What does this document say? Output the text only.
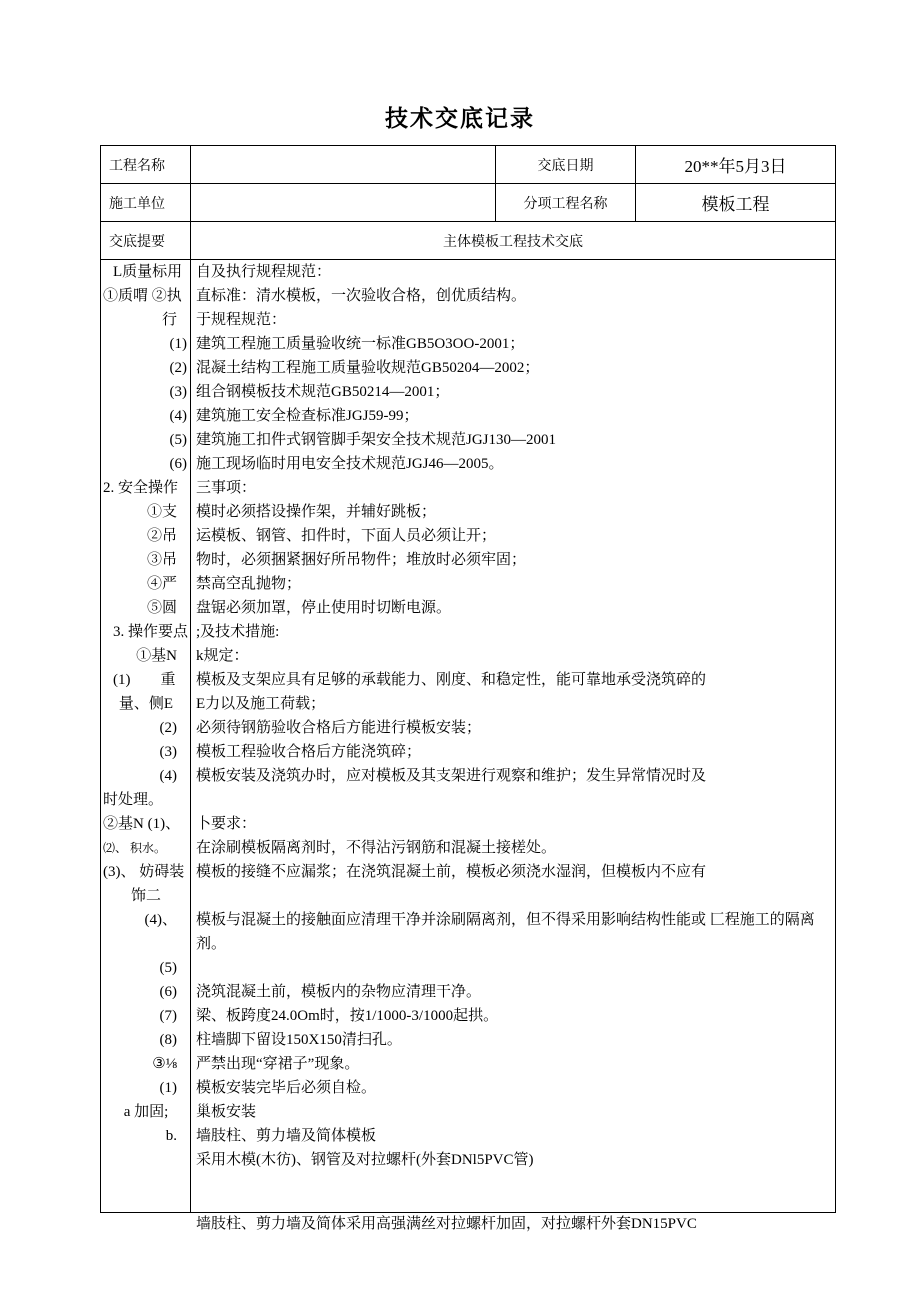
技术交底记录
工程名称	交底日期	20**年5月3日
施工单位	分项工程名称	模板工程
交底提要	主体模板工程技术交底
L质量标用 自及执行规程规范：
①质喟 ②执 直标准：清水模板，一次验收合格，创优质结构。
行	于规程规范：
(1) 建筑工程施工质量验收统一标准GB5O3OO-2001；
(2) 混凝土结构工程施工质量验收规范GB50204—2002；
(3) 组合钢模板技术规范GB50214—2001；
(4) 建筑施工安全检查标准JGJ59-99；
(5) 建筑施工扣件式钢管脚手架安全技术规范JGJ130—2001
(6) 施工现场临时用电安全技术规范JGJ46—2005。
2. 安全操作	三事项：
①支	模时必须搭设操作架，并辅好跳板；
②吊	运模板、钢管、扣件时，下面人员必须让开；
③吊	物时，必须捆紧捆好所吊物件；堆放时必须牢固；
④严	禁高空乱抛物；
⑤圆	盘锯必须加罩，停止使用时切断电源。
3. 操作要点 ;及技术措施:
①基N	k规定：
(1)　　重	模板及支架应具有足够的承载能力、刚度、和稳定性，能可靠地承受浇筑碎的
量、侧E	E力以及施工荷载；
(2)	必须待钢筋验收合格后方能进行模板安装；
(3)	模板工程验收合格后方能浇筑碎；
(4)	模板安装及浇筑办时，应对模板及其支架进行观察和维护；发生异常情况时及
时处理。
②基N (1)、	卜要求：
⑵、 积水。	在涂刷模板隔离剂时，不得沾污钢筋和混凝土接槎处。
(3)、 妨碍装 模板的接缝不应漏浆；在浇筑混凝土前，模板必须浇水湿润，但模板内不应有
饰二
(4)、	模板与混凝土的接触面应清理干净并涂刷隔离剂，但不得采用影响结构性能或 匚程施工的隔离剂。
(5)
(6)	浇筑混凝土前，模板内的杂物应清理干净。
(7)	梁、板跨度24.0Om时，按1/1000-3/1000起拱。
(8)	柱墙脚下留设150X150清扫孔。
③⅛	严禁出现“穿裙子”现象。
(1)	模板安装完毕后必须自检。
a 加固;	巢板安装
b.	墙肢柱、剪力墙及简体模板
采用木模(木彷)、钢管及对拉螺杆(外套DNl5PVC管)
墙肢柱、剪力墙及简体采用高强满丝对拉螺杆加固，对拉螺杆外套DN15PVC
